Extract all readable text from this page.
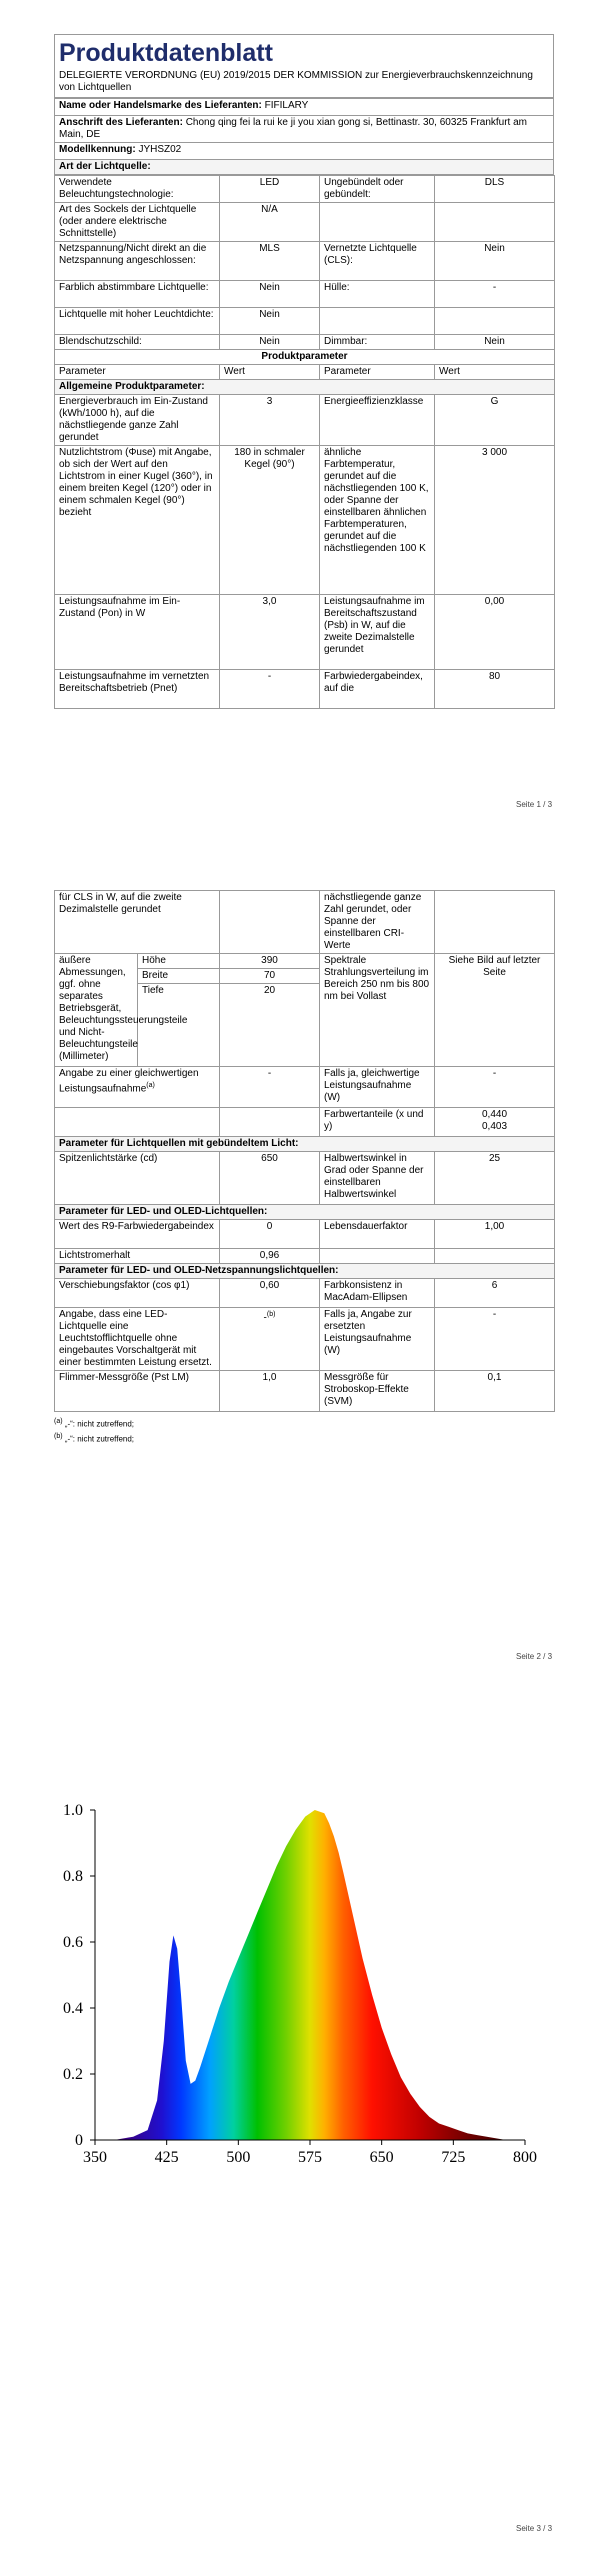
Produktdatenblatt
DELEGIERTE VERORDNUNG (EU) 2019/2015 DER KOMMISSION zur Energieverbrauchskennzeichnung von Lichtquellen
Name oder Handelsmarke des Lieferanten: FIFILARY
Anschrift des Lieferanten: Chong qing fei la rui ke ji you xian gong si, Bettinastr. 30, 60325 Frankfurt am Main, DE
Modellkennung: JYHSZ02
Art der Lichtquelle:
Verwendete Beleuchtungstechnologie:	LED	Ungebündelt oder gebündelt:	DLS
Art des Sockels der Lichtquelle (oder andere elektrische Schnittstelle)	N/A		
Netzspannung/Nicht direkt an die Netzspannung angeschlossen:	MLS	Vernetzte Lichtquelle (CLS):	Nein
Farblich abstimmbare Lichtquelle:	Nein	Hülle:	-
Lichtquelle mit hoher Leuchtdichte:	Nein		
Blendschutzschild:	Nein	Dimmbar:	Nein
Produktparameter			
Parameter	Wert	Parameter	Wert
Allgemeine Produktparameter:			
Energieverbrauch im Ein-Zustand (kWh/1000 h), auf die nächstliegende ganze Zahl gerundet	3	Energieeffizienzklasse	G
Nutzlichtstrom (Φuse) mit Angabe, ob sich der Wert auf den Lichtstrom in einer Kugel (360°), in einem breiten Kegel (120°) oder in einem schmalen Kegel (90°) bezieht	180 in schmaler Kegel (90°)	ähnliche Farbtemperatur, gerundet auf die nächstliegenden 100 K, oder Spanne der einstellbaren ähnlichen Farbtemperaturen, gerundet auf die nächstliegenden 100 K	3 000
Leistungsaufnahme im Ein-Zustand (Pon) in W	3,0	Leistungsaufnahme im Bereitschaftszustand (Psb) in W, auf die zweite Dezimalstelle gerundet	0,00
Leistungsaufnahme im vernetzten Bereitschaftsbetrieb (Pnet)	-	Farbwiedergabeindex, auf die	80
Seite 1 / 3
für CLS in W, auf die zweite Dezimalstelle gerundet			nächstliegende ganze Zahl gerundet, oder Spanne der einstellbaren CRI-Werte	
äußere Abmessungen, ggf. ohne separates Betriebsgerät, Beleuchtungssteuerungsteile und Nicht-Beleuchtungsteile (Millimeter)	Höhe	390	Spektrale Strahlungsverteilung im Bereich 250 nm bis 800 nm bei Vollast	Siehe Bild auf letzter Seite
	Breite	70		
	Tiefe	20		
Angabe zu einer gleichwertigen Leistungsaufnahme$^{(a)}$		-	Falls ja, gleichwertige Leistungsaufnahme (W)	-
			Farbwertanteile (x und y)	0,440
0,403

Parameter für Lichtquellen mit gebündeltem Licht:				
Spitzenlichtstärke (cd)		650	Halbwertswinkel in Grad oder Spanne der einstellbaren Halbwertswinkel	25
Parameter für LED- und OLED-Lichtquellen:				
Wert des R9-Farbwiedergabeindex		0	Lebensdauerfaktor	1,00
Lichtstromerhalt		0,96		
Parameter für LED- und OLED-Netzspannungslichtquellen:				
Verschiebungsfaktor (cos φ1)		0,60	Farbkonsistenz in MacAdam-Ellipsen	6
Angabe, dass eine LED-Lichtquelle eine Leuchtstofflichtquelle ohne eingebautes Vorschaltgerät mit einer bestimmten Leistung ersetzt.		-$^{(b)}$	Falls ja, Angabe zur ersetzten Leistungsaufnahme (W)	-
Flimmer-Messgröße (Pst LM)		1,0	Messgröße für Stroboskop-Effekte (SVM)	0,1
$^{(a)}$ „-“: nicht zutreffend;
$^{(b)}$ „-“: nicht zutreffend;
Seite 2 / 3
350	425	500	575	650	725	800
0
0.2
0.4
0.6
0.8
1.0
Seite 3 / 3
